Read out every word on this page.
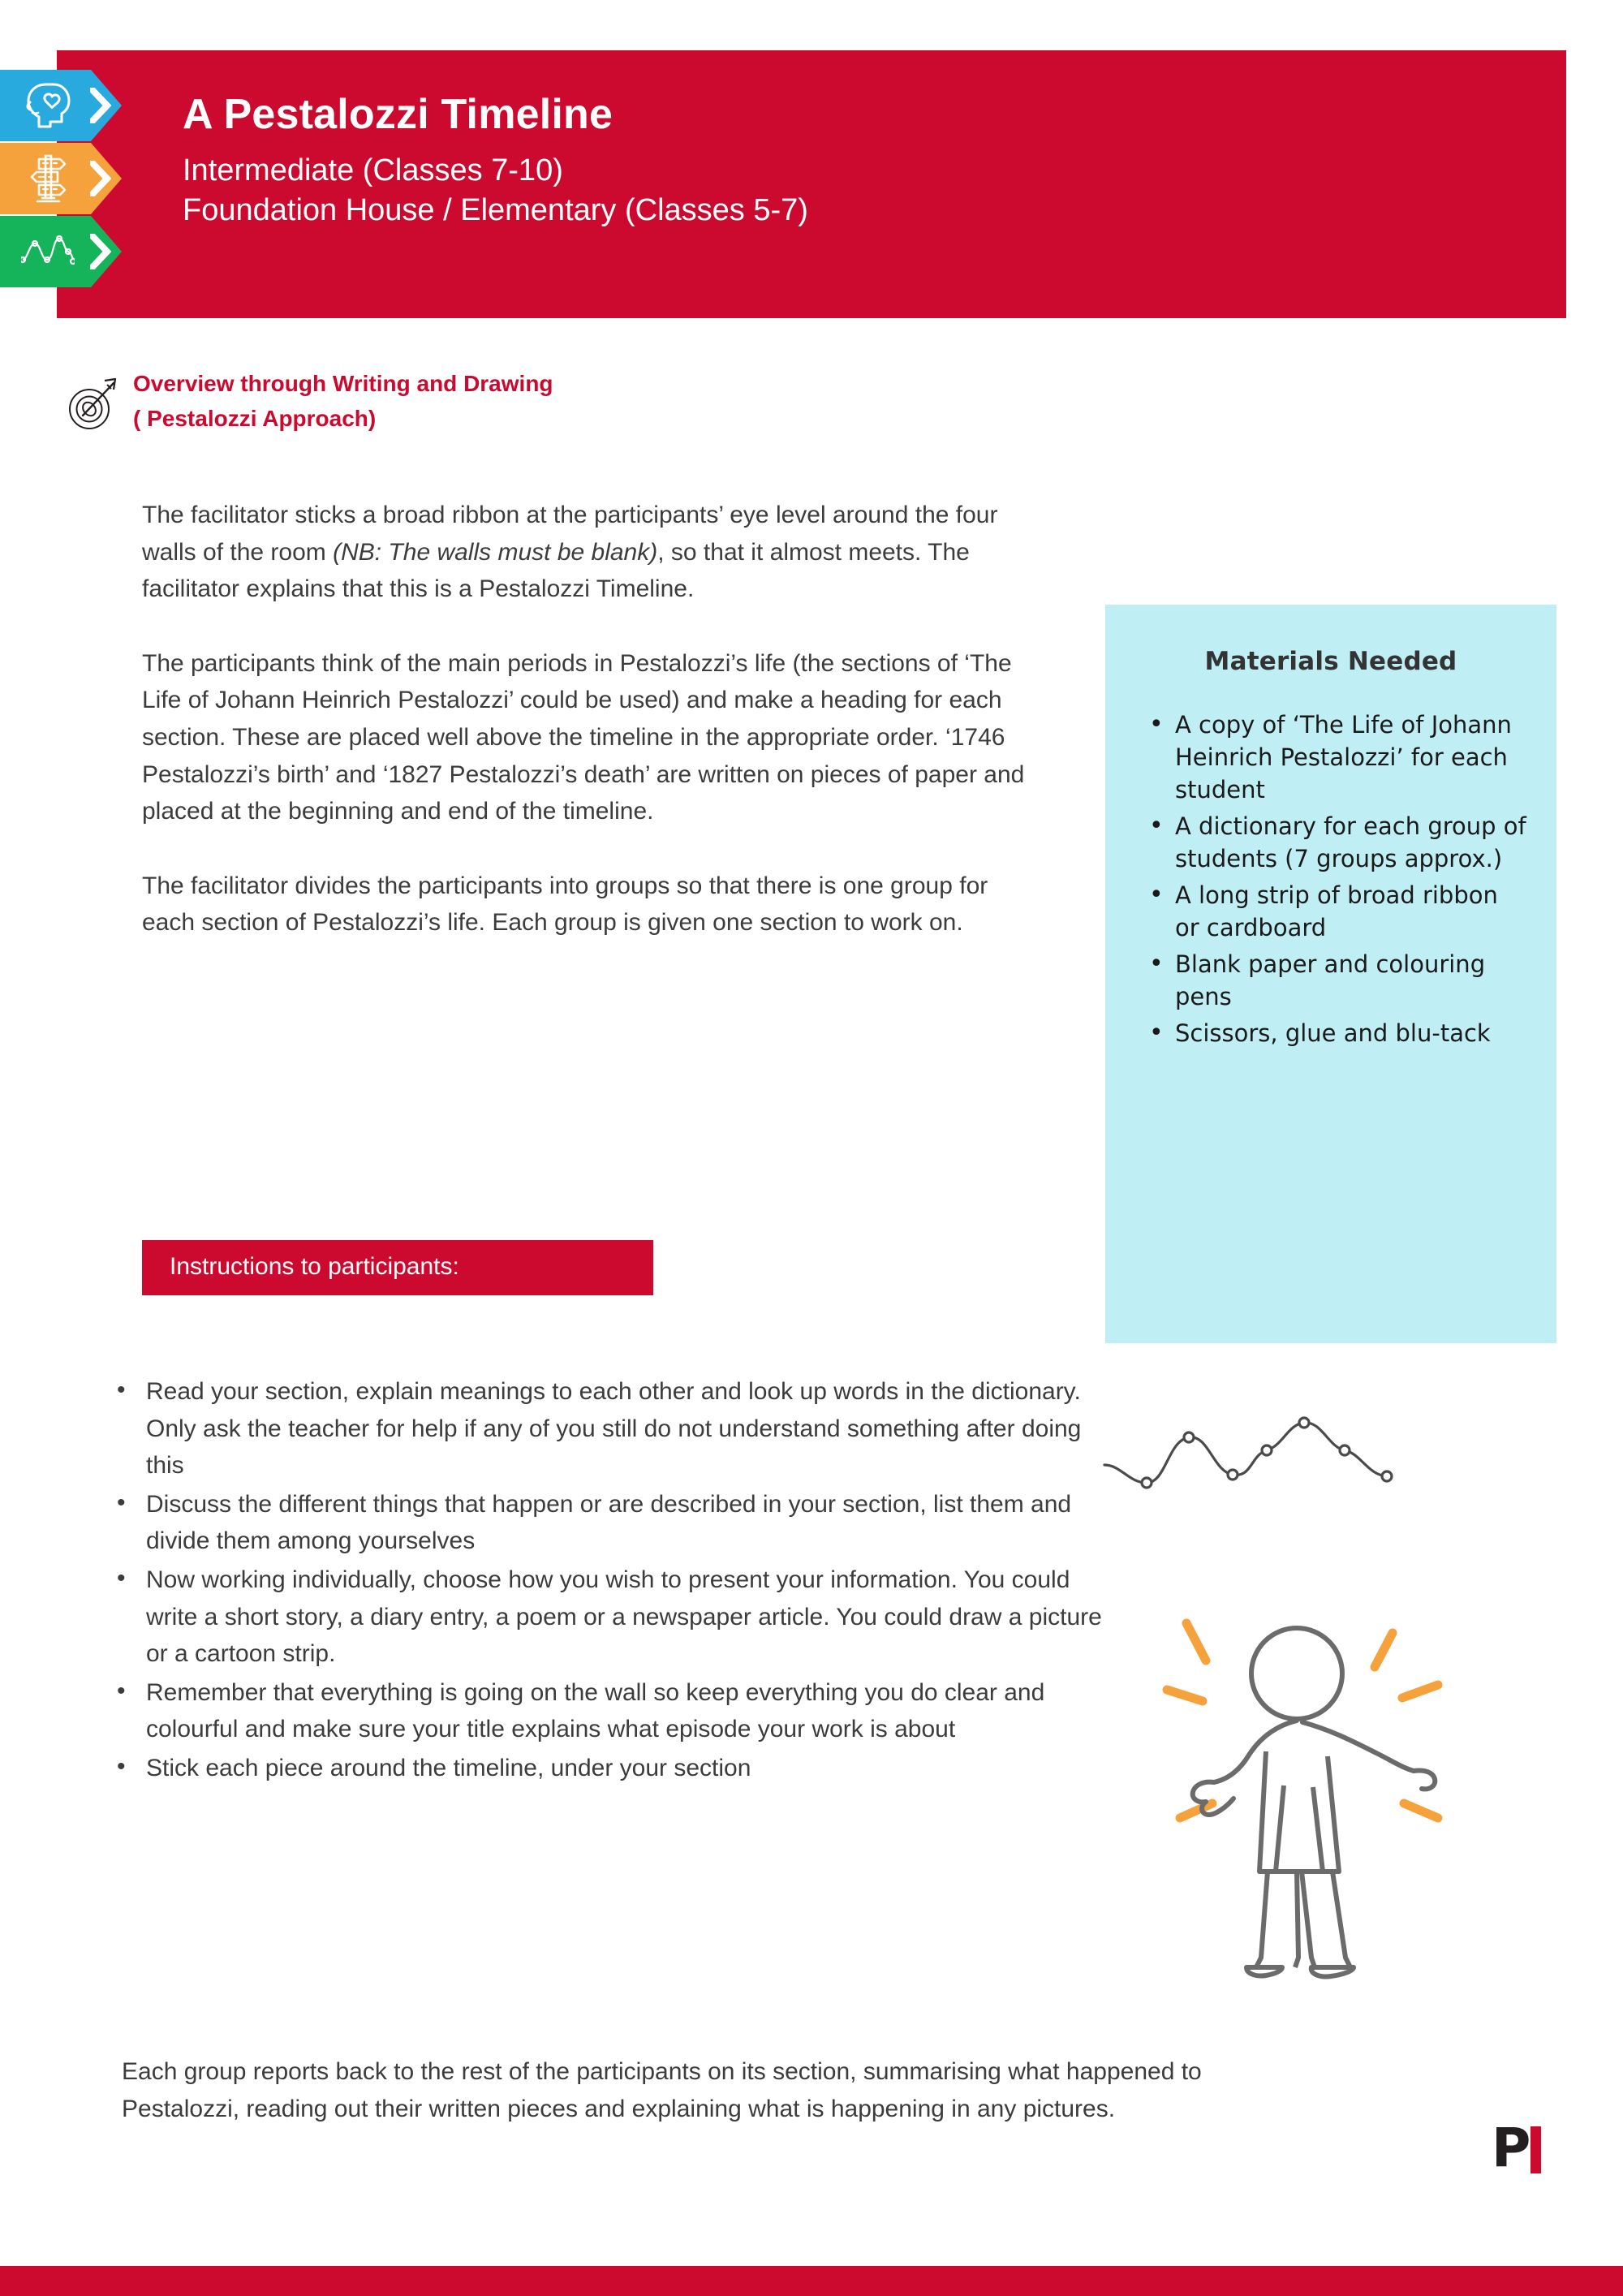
A Pestalozzi Timeline

Intermediate (Classes 7-10)

Foundation House / Elementary (Classes 5-7)

Overview through Writing and Drawing
( Pestalozzi Approach)

The facilitator sticks a broad ribbon at the participants’ eye level around the four walls of the room (NB: The walls must be blank), so that it almost meets. The facilitator explains that this is a Pestalozzi Timeline.

The participants think of the main periods in Pestalozzi’s life (the sections of ‘The Life of Johann Heinrich Pestalozzi’ could be used) and make a heading for each section. These are placed well above the timeline in the appropriate order. ‘1746 Pestalozzi’s birth’ and ‘1827 Pestalozzi’s death’ are written on pieces of paper and placed at the beginning and end of the timeline.

The facilitator divides the participants into groups so that there is one group for each section of Pestalozzi’s life. Each group is given one section to work on.

Instructions to participants:
• Read your section, explain meanings to each other and look up words in the dictionary. Only ask the teacher for help if any of you still do not understand something after doing this
• Discuss the different things that happen or are described in your section, list them and divide them among yourselves
• Now working individually, choose how you wish to present your information. You could write a short story, a diary entry, a poem or a newspaper article. You could draw a picture or a cartoon strip.
• Remember that everything is going on the wall so keep everything you do clear and colourful and make sure your title explains what episode your work is about
• Stick each piece around the timeline, under your section

Each group reports back to the rest of the participants on its section, summarising what happened to Pestalozzi, reading out their written pieces and explaining what is happening in any pictures.

Materials Needed
• A copy of ‘The Life of Johann Heinrich Pestalozzi’ for each student
• A dictionary for each group of students (7 groups approx.)
• A long strip of broad ribbon or cardboard
• Blank paper and colouring pens
• Scissors, glue and blu-tack
P
